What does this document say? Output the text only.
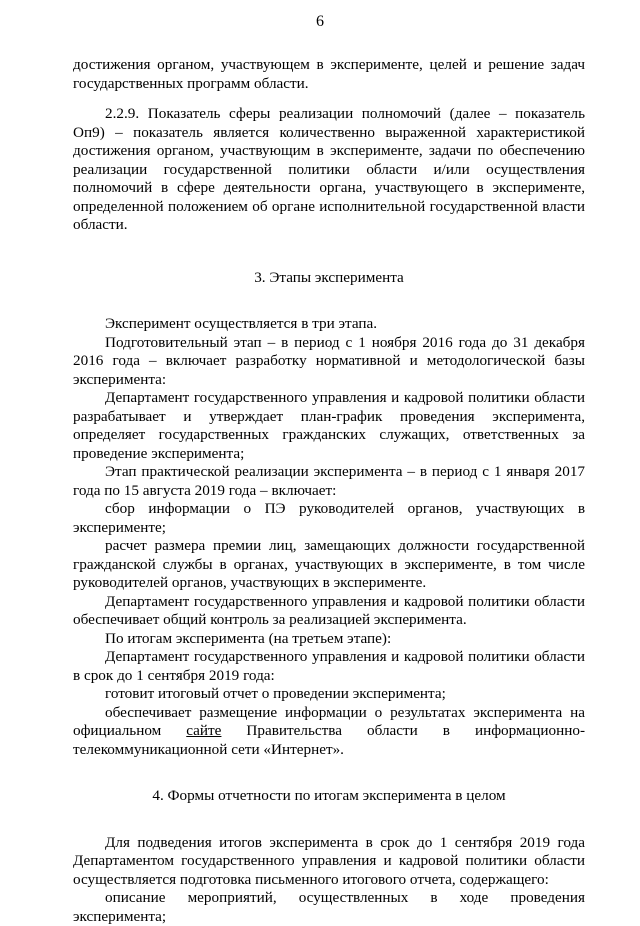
6

достижения органом, участвующем в эксперименте, целей и решение задач государственных программ области.

2.2.9. Показатель сферы реализации полномочий (далее – показатель Оп9) – показатель является количественно выраженной характеристикой достижения органом, участвующим в эксперименте, задачи по обеспечению реализации государственной политики области и/или осуществления полномочий в сфере деятельности органа, участвующего в эксперименте, определенной положением об органе исполнительной государственной власти области.

3. Этапы эксперимента

Эксперимент осуществляется в три этапа.

Подготовительный этап – в период с 1 ноября 2016 года до 31 декабря 2016 года – включает разработку нормативной и методологической базы эксперимента:

Департамент государственного управления и кадровой политики области разрабатывает и утверждает план-график проведения эксперимента, определяет государственных гражданских служащих, ответственных за проведение эксперимента;

Этап практической реализации эксперимента – в период с 1 января 2017 года по 15 августа 2019 года – включает:

сбор информации о ПЭ руководителей органов, участвующих в эксперименте;

расчет размера премии лиц, замещающих должности государственной гражданской службы в органах, участвующих в эксперименте, в том числе руководителей органов, участвующих в эксперименте.

Департамент государственного управления и кадровой политики области обеспечивает общий контроль за реализацией эксперимента.

По итогам эксперимента (на третьем этапе):

Департамент государственного управления и кадровой политики области в срок до 1 сентября 2019 года:

готовит итоговый отчет о проведении эксперимента;

обеспечивает размещение информации о результатах эксперимента на официальном сайте Правительства области в информационно-телекоммуникационной сети «Интернет».

4. Формы отчетности по итогам эксперимента в целом

Для подведения итогов эксперимента в срок до 1 сентября 2019 года Департаментом государственного управления и кадровой политики области осуществляется подготовка письменного итогового отчета, содержащего:

описание мероприятий, осуществленных в ходе проведения эксперимента;
